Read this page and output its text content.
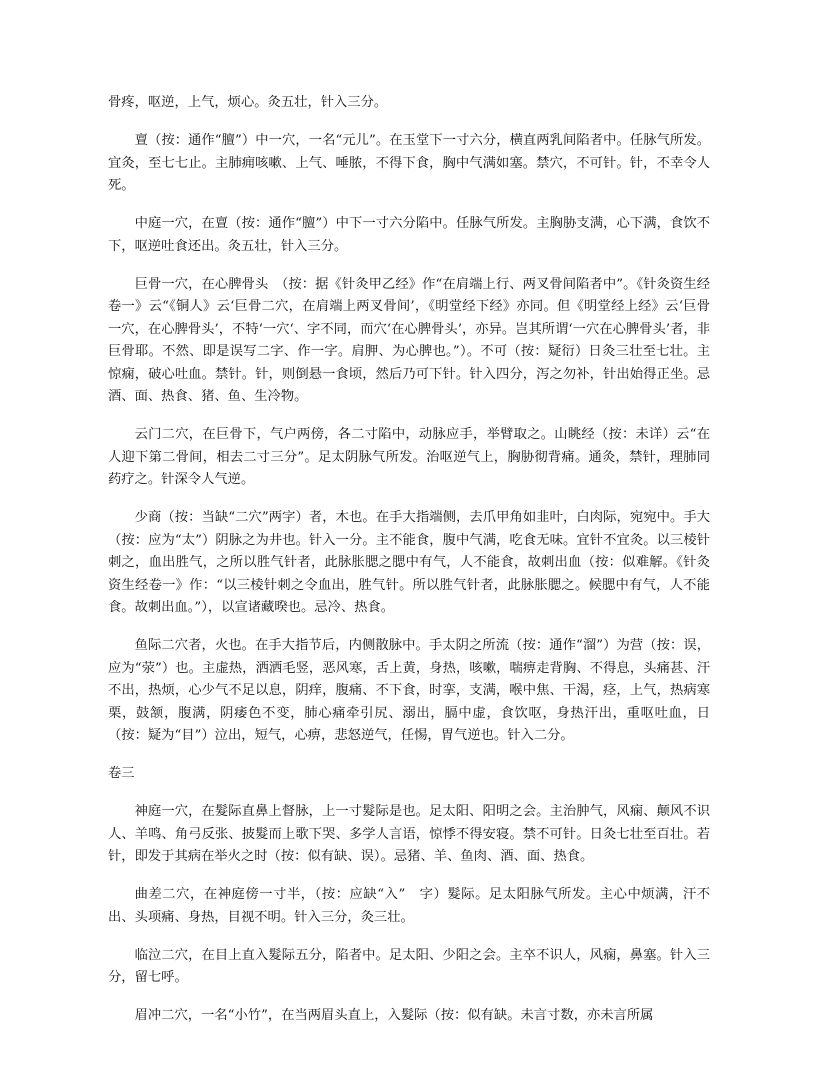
骨疼，呕逆，上气，烦心。灸五壮，针入三分。

亶（按：通作“膻”）中一穴，一名“元儿”。在玉堂下一寸六分，横直两乳间陷者中。任脉气所发。宜灸，至七七止。主肺痈咳嗽、上气、唾脓，不得下食，胸中气满如塞。禁穴，不可针。针，不幸令人死。

中庭一穴，在亶（按：通作“膻”）中下一寸六分陷中。任脉气所发。主胸胁支满，心下满，食饮不下，呕逆吐食还出。灸五壮，针入三分。

巨骨一穴，在心脾骨头　（按：据《针灸甲乙经》作“在肩端上行、两叉骨间陷者中”。《针灸资生经卷一》云“《铜人》云‘巨骨二穴，在肩端上两叉骨间’，《明堂经下经》亦同。但《明堂经上经》云‘巨骨一穴，在心脾骨头’，不特‘一穴‘、字不同，而穴‘在心脾骨头’，亦异。岂其所谓‘一穴在心脾骨头’者，非巨骨耶。不然、即是误写二字、作一字。肩胛、为心脾也。”）。不可（按：疑衍）日灸三壮至七壮。主惊痫，破心吐血。禁针。针，则倒悬一食顷，然后乃可下针。针入四分，泻之勿补，针出始得正坐。忌酒、面、热食、猪、鱼、生冷物。

云门二穴，在巨骨下，气户两傍，各二寸陷中，动脉应手，举臂取之。山眺经（按：未详）云“在人迎下第二骨间，相去二寸三分”。足太阴脉气所发。治呕逆气上，胸胁彻背痛。通灸，禁针，理肺同药疗之。针深令人气逆。

少商（按：当缺“二穴”两字）者，木也。在手大指端侧，去爪甲角如韭叶，白肉际，宛宛中。手大（按：应为“太”）阴脉之为井也。针入一分。主不能食，腹中气满，吃食无味。宜针不宜灸。以三棱针刺之，血出胜气，之所以胜气针者，此脉胀腮之腮中有气，人不能食，故刺出血（按：似难解。《针灸资生经卷一》作：“以三棱针刺之令血出，胜气针。所以胜气针者，此脉胀腮之。候腮中有气，人不能食。故刺出血。”），以宣诸藏暌也。忌冷、热食。

鱼际二穴者，火也。在手大指节后，内侧散脉中。手太阴之所流（按：通作“溜”）为营（按：误，应为“荥”）也。主虚热，洒洒毛竖，恶风寒，舌上黄，身热，咳嗽，喘痹走背胸、不得息，头痛甚、汗不出，热烦，心少气不足以息，阴痒，腹痛、不下食，时挛，支满，喉中焦、干渴，痉，上气，热病寒栗，鼓颔，腹满，阴痿色不变，肺心痛牵引尻、溺出，膈中虚，食饮呕，身热汗出，重呕吐血，日（按：疑为“目”）泣出，短气，心痹，悲怒逆气，任惕，胃气逆也。针入二分。

卷三

神庭一穴，在髮际直鼻上督脉，上一寸髮际是也。足太阳、阳明之会。主治肿气，风痫、颠风不识人、羊鸣、角弓反张、披髮而上歌下哭、多学人言语，惊悸不得安寝。禁不可针。日灸七壮至百壮。若针，即发于其病在举火之时（按：似有缺、误）。忌猪、羊、鱼肉、酒、面、热食。

曲差二穴，在神庭傍一寸半，（按：应缺“入”　字）髮际。足太阳脉气所发。主心中烦满，汗不出、头项痛、身热，目视不明。针入三分，灸三壮。

临泣二穴，在目上直入髮际五分，陷者中。足太阳、少阳之会。主卒不识人，风痫，鼻塞。针入三分，留七呼。

眉冲二穴，一名“小竹”，在当两眉头直上，入髮际（按：似有缺。未言寸数，亦未言所属
